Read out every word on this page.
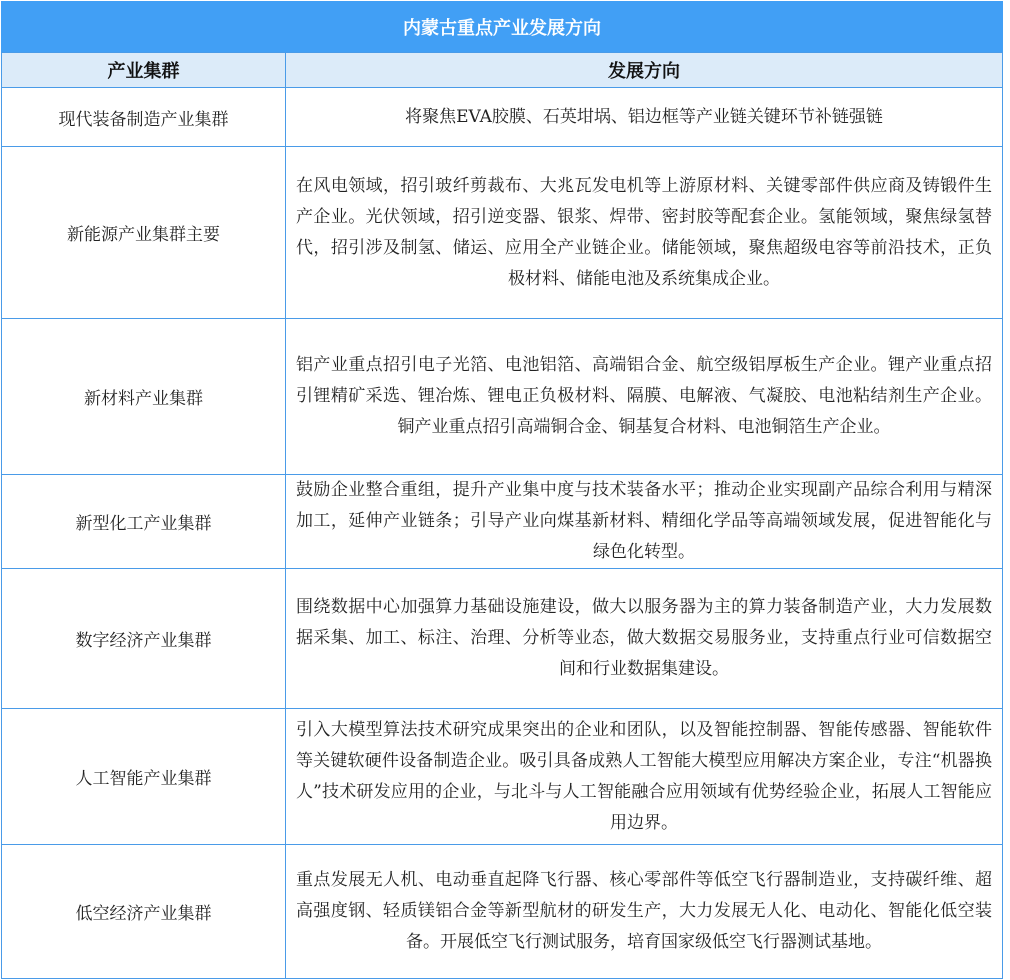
内蒙古重点产业发展方向	
产业集群	发展方向
现代装备制造产业集群	将聚焦EVA胶膜、石英坩埚、铝边框等产业链关键环节补链强链
新能源产业集群主要	在风电领域，招引玻纤剪裁布、大兆瓦发电机等上游原材料、关键零部件供应商及铸锻件生产企业。光伏领域，招引逆变器、银浆、焊带、密封胶等配套企业。氢能领域，聚焦绿氢替代，招引涉及制氢、储运、应用全产业链企业。储能领域，聚焦超级电容等前沿技术，正负极材料、储能电池及系统集成企业。
新材料产业集群	铝产业重点招引电子光箔、电池铝箔、高端铝合金、航空级铝厚板生产企业。锂产业重点招引锂精矿采选、锂冶炼、锂电正负极材料、隔膜、电解液、气凝胶、电池粘结剂生产企业。铜产业重点招引高端铜合金、铜基复合材料、电池铜箔生产企业。
新型化工产业集群	鼓励企业整合重组，提升产业集中度与技术装备水平；推动企业实现副产品综合利用与精深加工，延伸产业链条；引导产业向煤基新材料、精细化学品等高端领域发展，促进智能化与绿色化转型。
数字经济产业集群	围绕数据中心加强算力基础设施建设，做大以服务器为主的算力装备制造产业，大力发展数据采集、加工、标注、治理、分析等业态，做大数据交易服务业，支持重点行业可信数据空间和行业数据集建设。
人工智能产业集群	引入大模型算法技术研究成果突出的企业和团队，以及智能控制器、智能传感器、智能软件等关键软硬件设备制造企业。吸引具备成熟人工智能大模型应用解决方案企业，专注“机器换人”技术研发应用的企业，与北斗与人工智能融合应用领域有优势经验企业，拓展人工智能应用边界。
低空经济产业集群	重点发展无人机、电动垂直起降飞行器、核心零部件等低空飞行器制造业，支持碳纤维、超高强度钢、轻质镁铝合金等新型航材的研发生产，大力发展无人化、电动化、智能化低空装备。开展低空飞行测试服务，培育国家级低空飞行器测试基地。
